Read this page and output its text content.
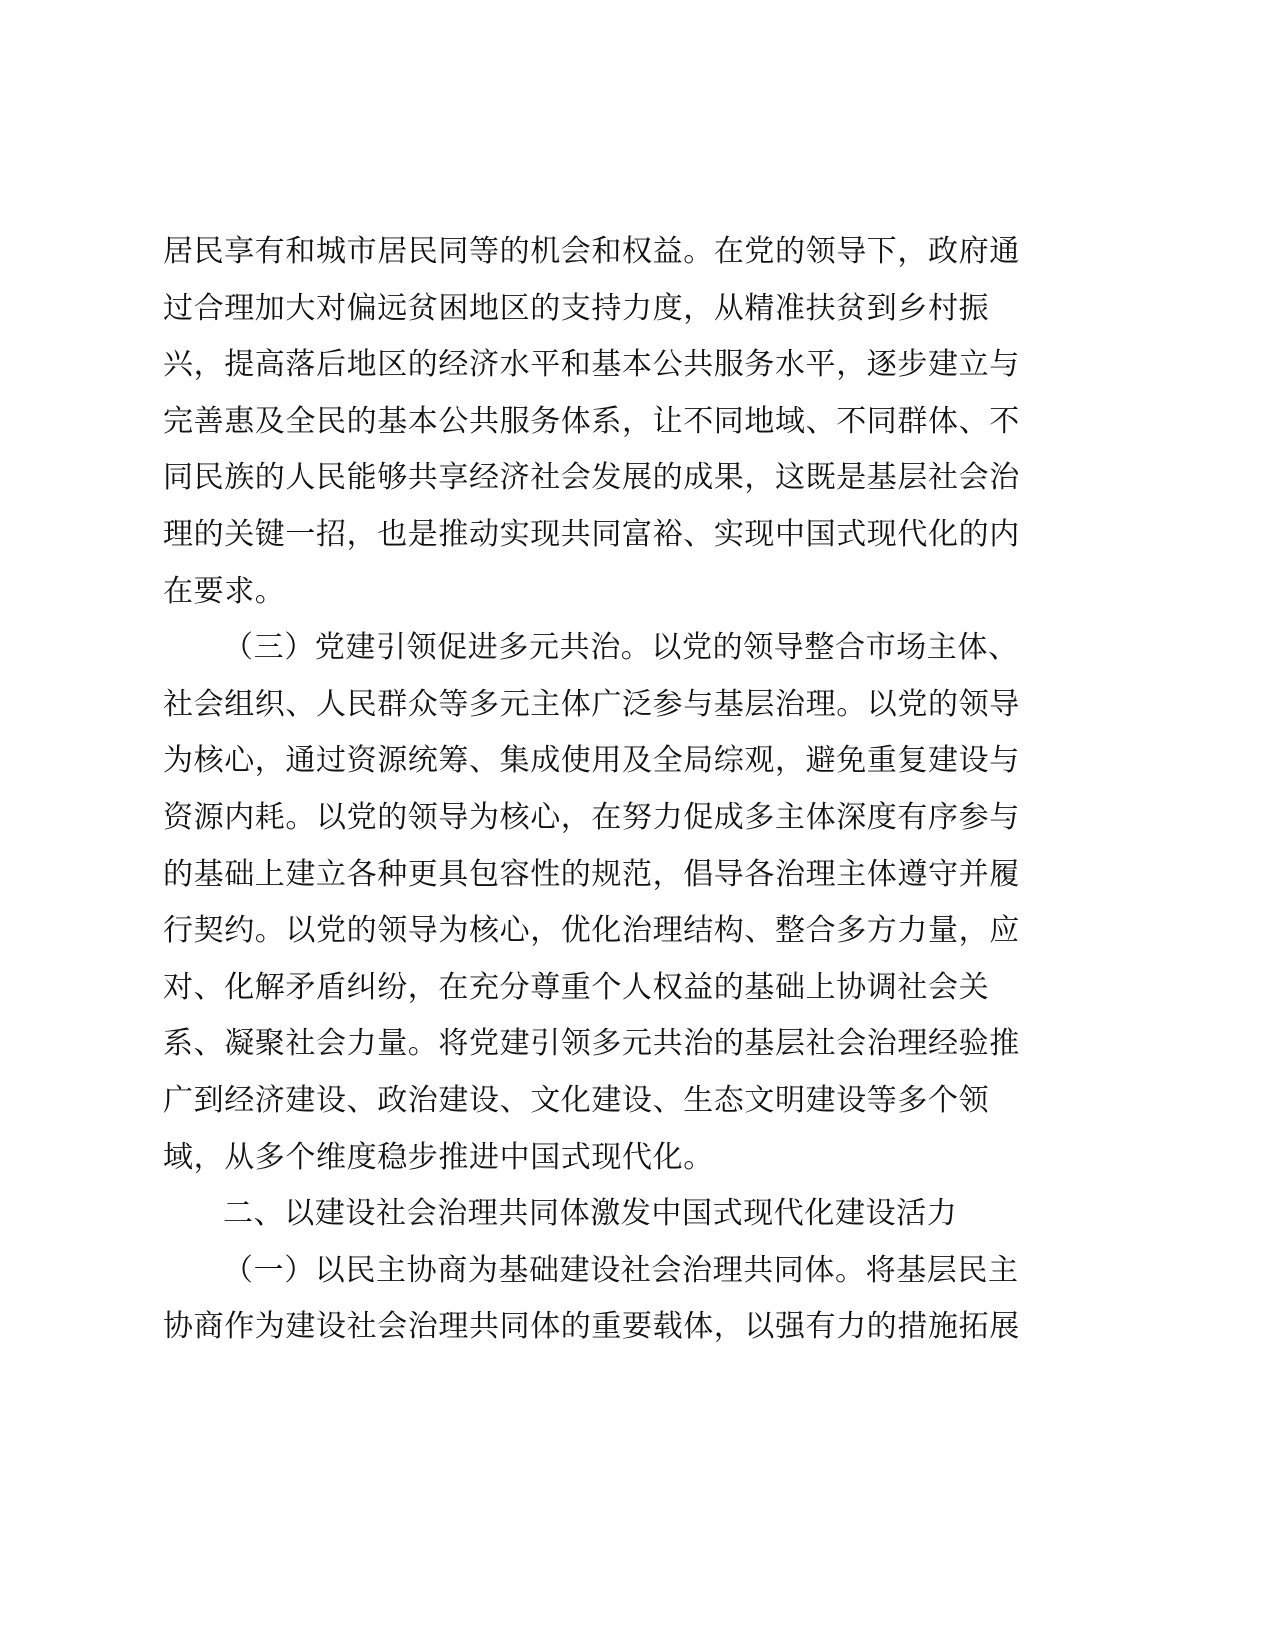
居民享有和城市居民同等的机会和权益。在党的领导下，政府通
过合理加大对偏远贫困地区的支持力度，从精准扶贫到乡村振
兴，提高落后地区的经济水平和基本公共服务水平，逐步建立与
完善惠及全民的基本公共服务体系，让不同地域、不同群体、不
同民族的人民能够共享经济社会发展的成果，这既是基层社会治
理的关键一招，也是推动实现共同富裕、实现中国式现代化的内
在要求。
（三）党建引领促进多元共治。以党的领导整合市场主体、
社会组织、人民群众等多元主体广泛参与基层治理。以党的领导
为核心，通过资源统筹、集成使用及全局综观，避免重复建设与
资源内耗。以党的领导为核心，在努力促成多主体深度有序参与
的基础上建立各种更具包容性的规范，倡导各治理主体遵守并履
行契约。以党的领导为核心，优化治理结构、整合多方力量，应
对、化解矛盾纠纷，在充分尊重个人权益的基础上协调社会关
系、凝聚社会力量。将党建引领多元共治的基层社会治理经验推
广到经济建设、政治建设、文化建设、生态文明建设等多个领
域，从多个维度稳步推进中国式现代化。
二、以建设社会治理共同体激发中国式现代化建设活力
（一）以民主协商为基础建设社会治理共同体。将基层民主
协商作为建设社会治理共同体的重要载体，以强有力的措施拓展
